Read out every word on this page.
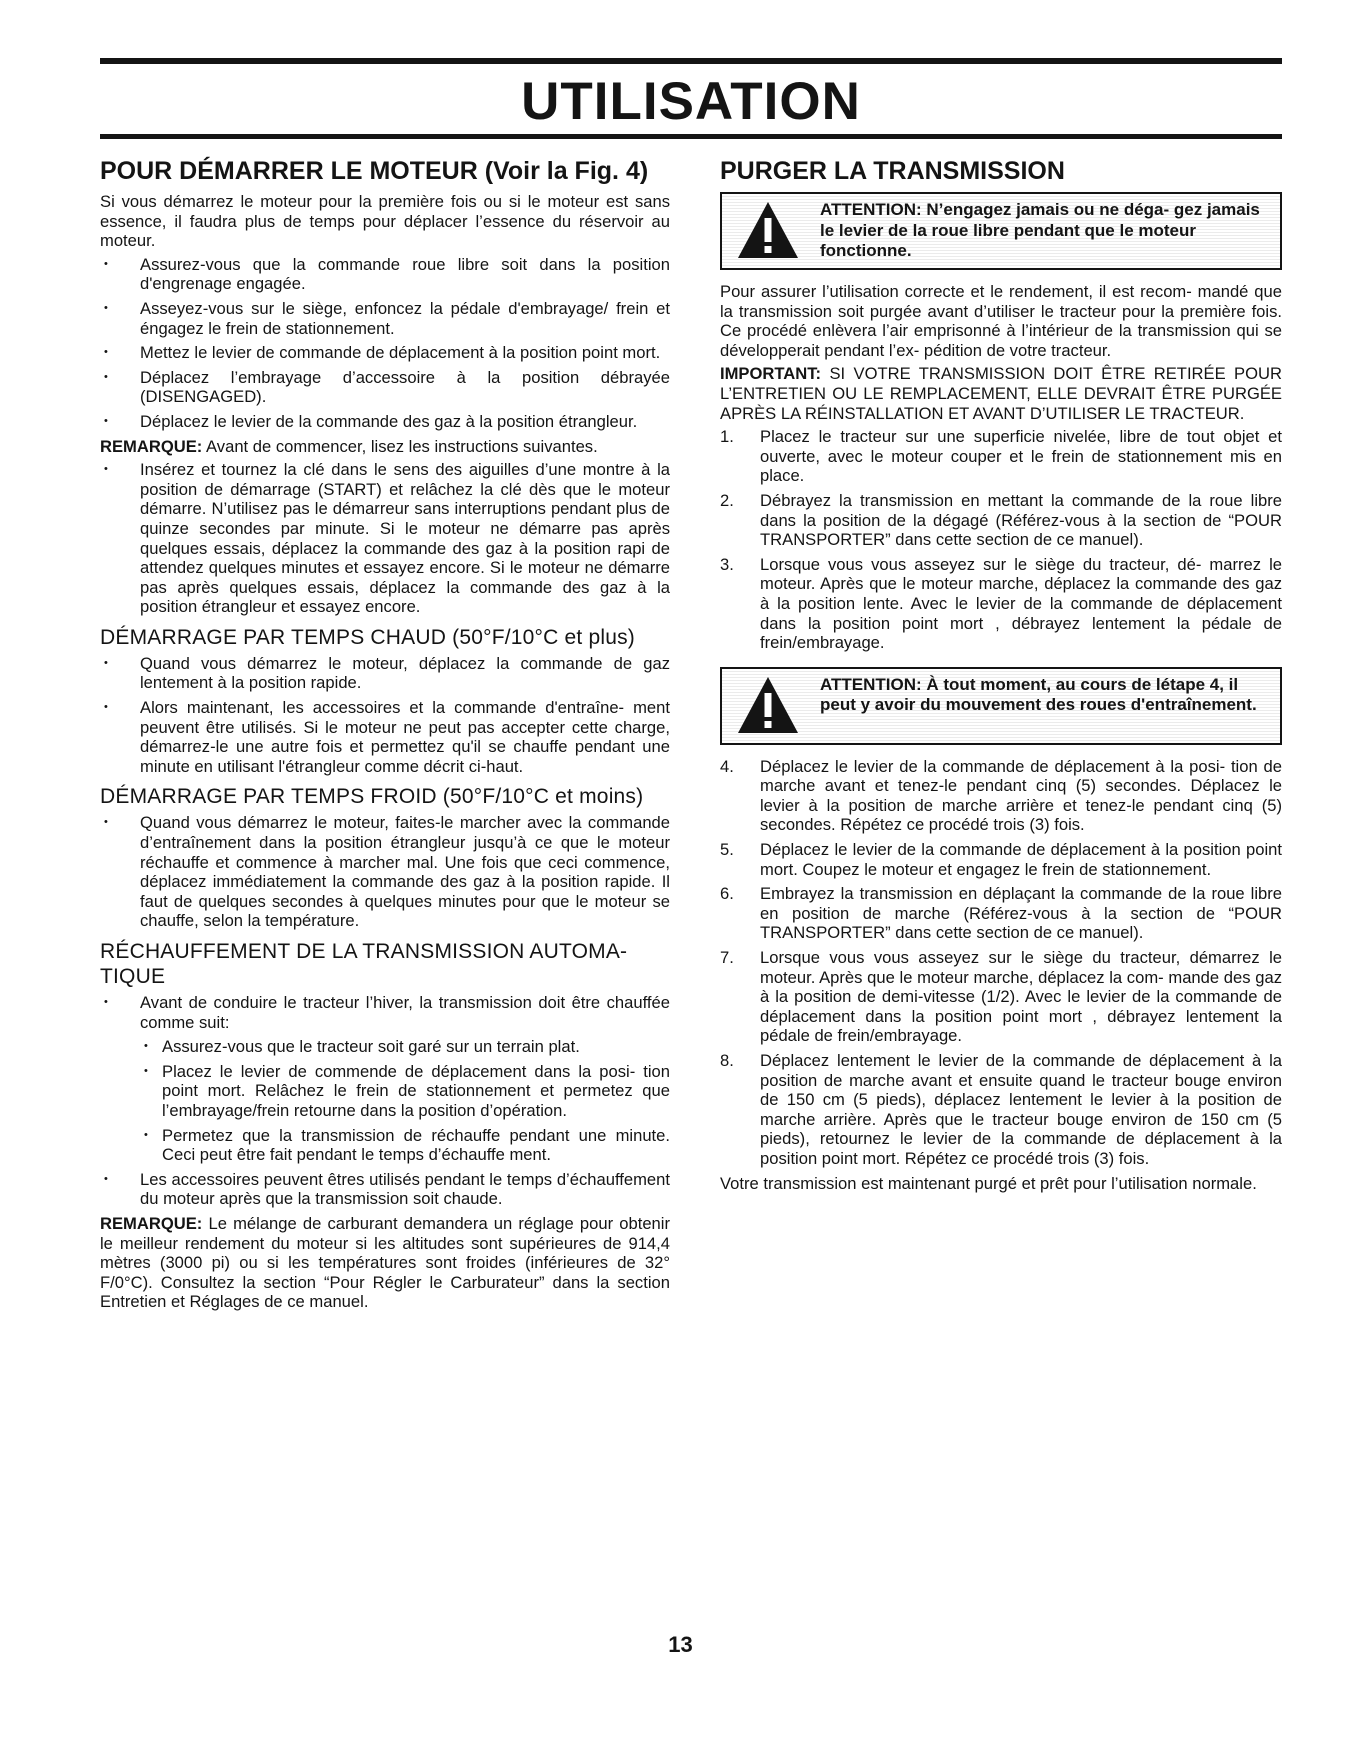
UTILISATION
POUR DÉMARRER LE MOTEUR (Voir la Fig. 4)

Si vous démarrez le moteur pour la première fois ou si le moteur est sans essence, il faudra plus de temps pour déplacer l’essence du réservoir au moteur.

• Assurez-vous que la commande roue libre soit dans la position d'engrenage engagée.
• Asseyez-vous sur le siège, enfoncez la pédale d'embrayage/ frein et éngagez le frein de stationnement.
• Mettez le levier de commande de déplacement à la position point mort.
• Déplacez l’embrayage d’accessoire à la position débrayée (DISENGAGED).
• Déplacez le levier de la commande des gaz à la position étrangleur.

REMARQUE: Avant de commencer, lisez les instructions suivantes.

• Insérez et tournez la clé dans le sens des aiguilles d’une montre à la position de démarrage (START) et relâchez la clé dès que le moteur démarre. N’utilisez pas le démarreur sans interruptions pendant plus de quinze secondes par minute. Si le moteur ne démarre pas après quelques essais, déplacez la commande des gaz à la position rapi de attendez quelques minutes et essayez encore. Si le moteur ne démarre pas après quelques essais, déplacez la commande des gaz à la position étrangleur et essayez encore.
DÉMARRAGE PAR TEMPS CHAUD (50°F/10°C et plus)
• Quand vous démarrez le moteur, déplacez la commande de gaz lentement à la position rapide.
• Alors maintenant, les accessoires et la commande d'entraîne- ment peuvent être utilisés. Si le moteur ne peut pas accepter cette charge, démarrez-le une autre fois et permettez qu'il se chauffe pendant une minute en utilisant l'étrangleur comme décrit ci-haut.
DÉMARRAGE PAR TEMPS FROID (50°F/10°C et moins)
• Quand vous démarrez le moteur, faites-le marcher avec la commande d’entraînement dans la position étrangleur jusqu’à ce que le moteur réchauffe et commence à marcher mal. Une fois que ceci commence, déplacez immédiatement la commande des gaz à la position rapide. Il faut de quelques secondes à quelques minutes pour que le moteur se chauffe, selon la température.
RÉCHAUFFEMENT DE LA TRANSMISSION AUTOMA- TIQUE
• Avant de conduire le tracteur l’hiver, la transmission doit être chauffée comme suit:
• Assurez-vous que le tracteur soit garé sur un terrain plat.
• Placez le levier de commende de déplacement dans la posi- tion point mort. Relâchez le frein de stationnement et permetez que l’embrayage/frein retourne dans la position d’opération.
• Permetez que la transmission de réchauffe pendant une minute. Ceci peut être fait pendant le temps d’échauffe ment.
• Les accessoires peuvent êtres utilisés pendant le temps d’échauffement du moteur après que la transmission soit chaude.

REMARQUE: Le mélange de carburant demandera un réglage pour obtenir le meilleur rendement du moteur si les altitudes sont supérieures de 914,4 mètres (3000 pi) ou si les températures sont froides (inférieures de 32° F/0°C). Consultez la section “Pour Régler le Carburateur” dans la section Entretien et Réglages de ce manuel.

PURGER LA TRANSMISSION
ATTENTION: N’engagez jamais ou ne déga- gez jamais le levier de la roue libre pendant que le moteur fonctionne.

Pour assurer l’utilisation correcte et le rendement, il est recom- mandé que la transmission soit purgée avant d’utiliser le tracteur pour la première fois. Ce procédé enlèvera l’air emprisonné à l’intérieur de la transmission qui se développerait pendant l’ex- pédition de votre tracteur.

IMPORTANT: SI VOTRE TRANSMISSION DOIT ÊTRE RETIRÉE POUR L’ENTRETIEN OU LE REMPLACEMENT, ELLE DEVRAIT ÊTRE PURGÉE APRÈS LA RÉINSTALLATION ET AVANT D’UTILISER LE TRACTEUR.

1. Placez le tracteur sur une superficie nivelée, libre de tout objet et ouverte, avec le moteur couper et le frein de stationnement mis en place.
2. Débrayez la transmission en mettant la commande de la roue libre dans la position de la dégagé (Référez-vous à la section de “POUR TRANSPORTER” dans cette section de ce manuel).
3. Lorsque vous vous asseyez sur le siège du tracteur, dé- marrez le moteur. Après que le moteur marche, déplacez la commande des gaz à la position lente. Avec le levier de la commande de déplacement dans la position point mort , débrayez lentement la pédale de frein/embrayage.
ATTENTION: À tout moment, au cours de létape 4, il peut y avoir du mouvement des roues d'entraînement.
4. Déplacez le levier de la commande de déplacement à la posi- tion de marche avant et tenez-le pendant cinq (5) secondes. Déplacez le levier à la position de marche arrière et tenez-le pendant cinq (5) secondes. Répétez ce procédé trois (3) fois.
5. Déplacez le levier de la commande de déplacement à la position point mort. Coupez le moteur et engagez le frein de stationnement.
6. Embrayez la transmission en déplaçant la commande de la roue libre en position de marche (Référez-vous à la section de “POUR TRANSPORTER” dans cette section de ce manuel).
7. Lorsque vous vous asseyez sur le siège du tracteur, démarrez le moteur. Après que le moteur marche, déplacez la com- mande des gaz à la position de demi-vitesse (1/2). Avec le levier de la commande de déplacement dans la position point mort , débrayez lentement la pédale de frein/embrayage.
8. Déplacez lentement le levier de la commande de déplacement à la position de marche avant et ensuite quand le tracteur bouge environ de 150 cm (5 pieds), déplacez lentement le levier à la position de marche arrière. Après que le tracteur bouge environ de 150 cm (5 pieds), retournez le levier de la commande de déplacement à la position point mort. Répétez ce procédé trois (3) fois.

Votre transmission est maintenant purgé et prêt pour l’utilisation normale.

13
